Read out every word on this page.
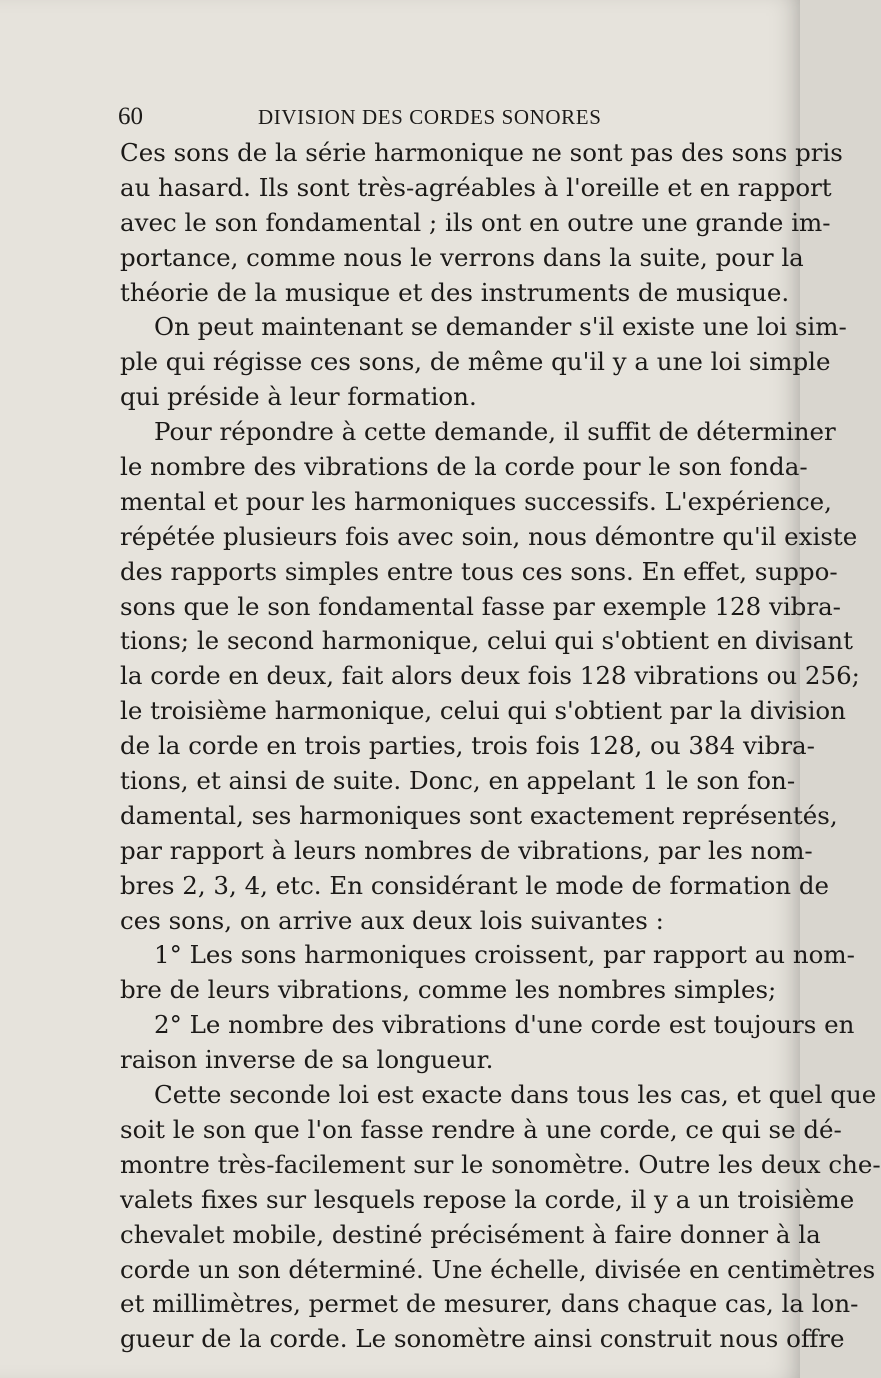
60	DIVISION DES CORDES SONORES
Ces sons de la série harmonique ne sont pas des sons pris
au hasard. Ils sont très-agréables à l'oreille et en rapport
avec le son fondamental ; ils ont en outre une grande im-
portance, comme nous le verrons dans la suite, pour la
théorie de la musique et des instruments de musique.
On peut maintenant se demander s'il existe une loi sim-
ple qui régisse ces sons, de même qu'il y a une loi simple
qui préside à leur formation.
Pour répondre à cette demande, il suffit de déterminer
le nombre des vibrations de la corde pour le son fonda-
mental et pour les harmoniques successifs. L'expérience,
répétée plusieurs fois avec soin, nous démontre qu'il existe
des rapports simples entre tous ces sons. En effet, suppo-
sons que le son fondamental fasse par exemple 128 vibra-
tions; le second harmonique, celui qui s'obtient en divisant
la corde en deux, fait alors deux fois 128 vibrations ou 256;
le troisième harmonique, celui qui s'obtient par la division
de la corde en trois parties, trois fois 128, ou 384 vibra-
tions, et ainsi de suite. Donc, en appelant 1 le son fon-
damental, ses harmoniques sont exactement représentés,
par rapport à leurs nombres de vibrations, par les nom-
bres 2, 3, 4, etc. En considérant le mode de formation de
ces sons, on arrive aux deux lois suivantes :
1° Les sons harmoniques croissent, par rapport au nom-
bre de leurs vibrations, comme les nombres simples;
2° Le nombre des vibrations d'une corde est toujours en
raison inverse de sa longueur.
Cette seconde loi est exacte dans tous les cas, et quel que
soit le son que l'on fasse rendre à une corde, ce qui se dé-
montre très-facilement sur le sonomètre. Outre les deux che-
valets fixes sur lesquels repose la corde, il y a un troisième
chevalet mobile, destiné précisément à faire donner à la
corde un son déterminé. Une échelle, divisée en centimètres
et millimètres, permet de mesurer, dans chaque cas, la lon-
gueur de la corde. Le sonomètre ainsi construit nous offre
